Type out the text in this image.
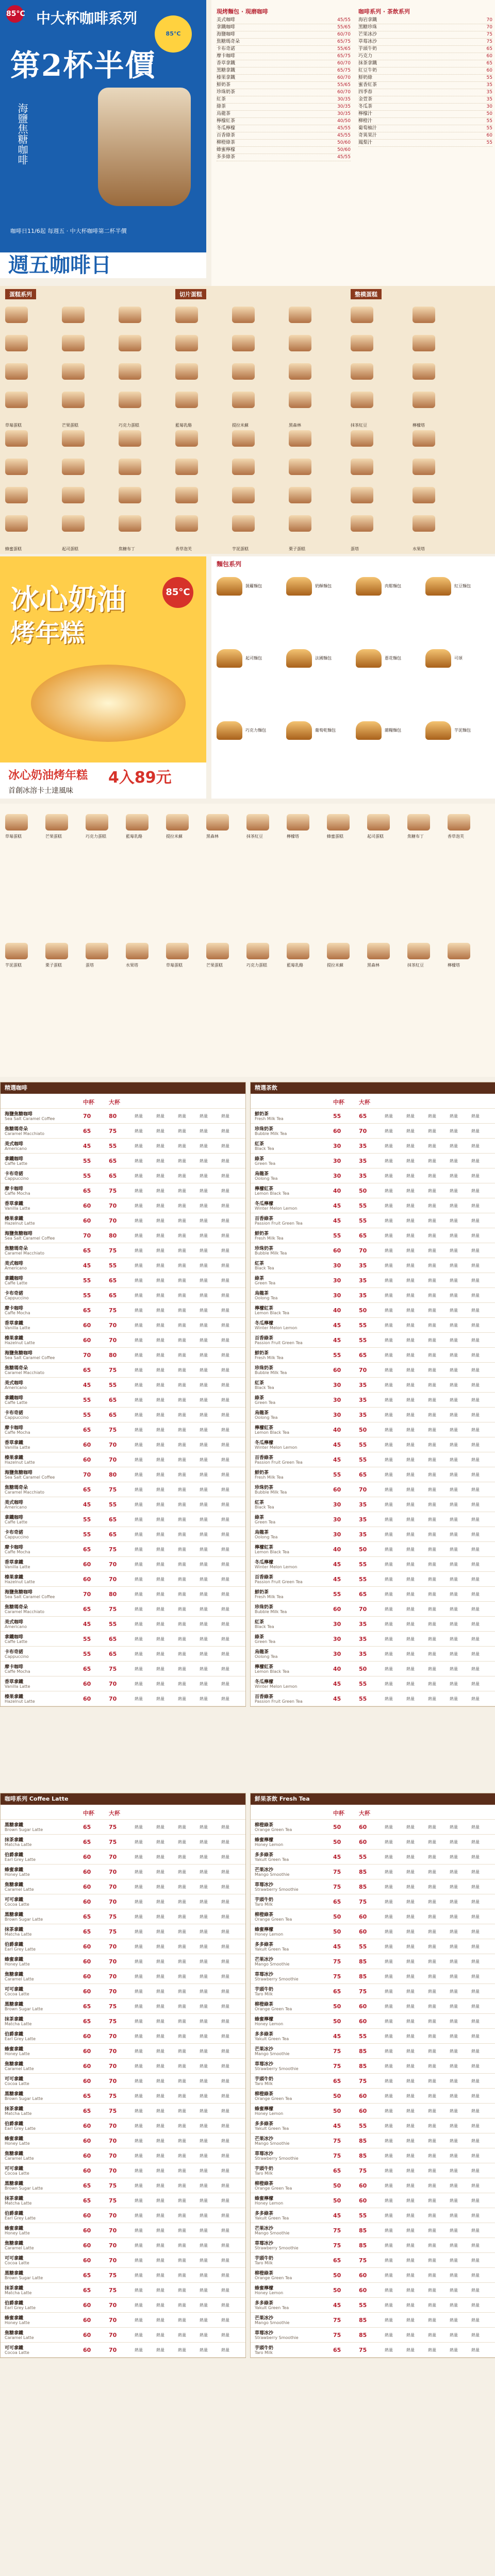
85°C 中大杯咖啡系列
第2杯半價
85°C
海鹽焦糖咖啡
咖啡日11/6起 每週五 · 中大杯咖啡第二杯半價
週五咖啡日
現烤麵包 · 現磨咖啡
美式咖啡	45/55
拿鐵咖啡	55/65
海鹽咖啡	60/70
焦糖瑪奇朵	65/75
卡布奇諾	55/65
摩卡咖啡	65/75
香草拿鐵	60/70
黑糖拿鐵	65/75
榛果拿鐵	60/70
鮮奶茶	55/65
珍珠奶茶	60/70
紅茶	30/35
綠茶	30/35
烏龍茶	30/35
檸檬紅茶	40/50
冬瓜檸檬	45/55
百香綠茶	45/55
柳橙綠茶	50/60
蜂蜜檸檬	50/60
多多綠茶	45/55
咖啡系列 · 茶飲系列
海岩拿鐵	70
黑糖珍珠	70
芒果冰沙	75
草莓冰沙	75
芋頭牛奶	65
巧克力	60
抹茶拿鐵	65
紅豆牛奶	60
鮮奶綠	55
蜜香紅茶	35
四季春	35
金萱茶	35
冬瓜茶	30
檸檬汁	50
柳橙汁	55
葡萄柚汁	55
奇異果汁	60
鳳梨汁	55
蛋糕系列	切片蛋糕	整模蛋糕
草莓蛋糕	芒果蛋糕	巧克力蛋糕	藍莓乳酪	提拉米蘇	黑森林	抹茶紅豆	檸檬塔
蜂蜜蛋糕	起司蛋糕	焦糖布丁	香草泡芙	芋泥蛋糕	栗子蛋糕	蛋塔	水果塔
冰心奶油
烤年糕
85°C
冰心奶油烤年糕 4入89元
首創冰溶卡士達風味
麵包系列
菠蘿麵包	奶酥麵包	肉鬆麵包	紅豆麵包
起司麵包	法國麵包	蔥花麵包	可頌
巧克力麵包	葡萄乾麵包	雜糧麵包	芋泥麵包
草莓蛋糕	芒果蛋糕	巧克力蛋糕	藍莓乳酪	提拉米蘇	黑森林	抹茶紅豆	檸檬塔	蜂蜜蛋糕	起司蛋糕	焦糖布丁	香草泡芙
芋泥蛋糕	栗子蛋糕	蛋塔	水果塔	草莓蛋糕	芒果蛋糕	巧克力蛋糕	藍莓乳酪	提拉米蘇	黑森林	抹茶紅豆	檸檬塔
精選咖啡
中杯	大杯
海鹽焦糖咖啡
Sea Salt Caramel Coffee	70	80	熱量	熱量	熱量	熱量	熱量
焦糖瑪奇朵
Caramel Macchiato	65	75	熱量	熱量	熱量	熱量	熱量
美式咖啡
Americano	45	55	熱量	熱量	熱量	熱量	熱量
拿鐵咖啡
Caffe Latte	55	65	熱量	熱量	熱量	熱量	熱量
卡布奇諾
Cappuccino	55	65	熱量	熱量	熱量	熱量	熱量
摩卡咖啡
Caffe Mocha	65	75	熱量	熱量	熱量	熱量	熱量
香草拿鐵
Vanilla Latte	60	70	熱量	熱量	熱量	熱量	熱量
榛果拿鐵
Hazelnut Latte	60	70	熱量	熱量	熱量	熱量	熱量
海鹽焦糖咖啡
Sea Salt Caramel Coffee	70	80	熱量	熱量	熱量	熱量	熱量
焦糖瑪奇朵
Caramel Macchiato	65	75	熱量	熱量	熱量	熱量	熱量
美式咖啡
Americano	45	55	熱量	熱量	熱量	熱量	熱量
拿鐵咖啡
Caffe Latte	55	65	熱量	熱量	熱量	熱量	熱量
卡布奇諾
Cappuccino	55	65	熱量	熱量	熱量	熱量	熱量
摩卡咖啡
Caffe Mocha	65	75	熱量	熱量	熱量	熱量	熱量
香草拿鐵
Vanilla Latte	60	70	熱量	熱量	熱量	熱量	熱量
榛果拿鐵
Hazelnut Latte	60	70	熱量	熱量	熱量	熱量	熱量
海鹽焦糖咖啡
Sea Salt Caramel Coffee	70	80	熱量	熱量	熱量	熱量	熱量
焦糖瑪奇朵
Caramel Macchiato	65	75	熱量	熱量	熱量	熱量	熱量
美式咖啡
Americano	45	55	熱量	熱量	熱量	熱量	熱量
拿鐵咖啡
Caffe Latte	55	65	熱量	熱量	熱量	熱量	熱量
卡布奇諾
Cappuccino	55	65	熱量	熱量	熱量	熱量	熱量
摩卡咖啡
Caffe Mocha	65	75	熱量	熱量	熱量	熱量	熱量
香草拿鐵
Vanilla Latte	60	70	熱量	熱量	熱量	熱量	熱量
榛果拿鐵
Hazelnut Latte	60	70	熱量	熱量	熱量	熱量	熱量
海鹽焦糖咖啡
Sea Salt Caramel Coffee	70	80	熱量	熱量	熱量	熱量	熱量
焦糖瑪奇朵
Caramel Macchiato	65	75	熱量	熱量	熱量	熱量	熱量
美式咖啡
Americano	45	55	熱量	熱量	熱量	熱量	熱量
拿鐵咖啡
Caffe Latte	55	65	熱量	熱量	熱量	熱量	熱量
卡布奇諾
Cappuccino	55	65	熱量	熱量	熱量	熱量	熱量
摩卡咖啡
Caffe Mocha	65	75	熱量	熱量	熱量	熱量	熱量
香草拿鐵
Vanilla Latte	60	70	熱量	熱量	熱量	熱量	熱量
榛果拿鐵
Hazelnut Latte	60	70	熱量	熱量	熱量	熱量	熱量
海鹽焦糖咖啡
Sea Salt Caramel Coffee	70	80	熱量	熱量	熱量	熱量	熱量
焦糖瑪奇朵
Caramel Macchiato	65	75	熱量	熱量	熱量	熱量	熱量
美式咖啡
Americano	45	55	熱量	熱量	熱量	熱量	熱量
拿鐵咖啡
Caffe Latte	55	65	熱量	熱量	熱量	熱量	熱量
卡布奇諾
Cappuccino	55	65	熱量	熱量	熱量	熱量	熱量
摩卡咖啡
Caffe Mocha	65	75	熱量	熱量	熱量	熱量	熱量
香草拿鐵
Vanilla Latte	60	70	熱量	熱量	熱量	熱量	熱量
榛果拿鐵
Hazelnut Latte	60	70	熱量	熱量	熱量	熱量	熱量
精選茶飲
中杯	大杯
鮮奶茶
Fresh Milk Tea	55	65	熱量	熱量	熱量	熱量	熱量
珍珠奶茶
Bubble Milk Tea	60	70	熱量	熱量	熱量	熱量	熱量
紅茶
Black Tea	30	35	熱量	熱量	熱量	熱量	熱量
綠茶
Green Tea	30	35	熱量	熱量	熱量	熱量	熱量
烏龍茶
Oolong Tea	30	35	熱量	熱量	熱量	熱量	熱量
檸檬紅茶
Lemon Black Tea	40	50	熱量	熱量	熱量	熱量	熱量
冬瓜檸檬
Winter Melon Lemon	45	55	熱量	熱量	熱量	熱量	熱量
百香綠茶
Passion Fruit Green Tea	45	55	熱量	熱量	熱量	熱量	熱量
鮮奶茶
Fresh Milk Tea	55	65	熱量	熱量	熱量	熱量	熱量
珍珠奶茶
Bubble Milk Tea	60	70	熱量	熱量	熱量	熱量	熱量
紅茶
Black Tea	30	35	熱量	熱量	熱量	熱量	熱量
綠茶
Green Tea	30	35	熱量	熱量	熱量	熱量	熱量
烏龍茶
Oolong Tea	30	35	熱量	熱量	熱量	熱量	熱量
檸檬紅茶
Lemon Black Tea	40	50	熱量	熱量	熱量	熱量	熱量
冬瓜檸檬
Winter Melon Lemon	45	55	熱量	熱量	熱量	熱量	熱量
百香綠茶
Passion Fruit Green Tea	45	55	熱量	熱量	熱量	熱量	熱量
鮮奶茶
Fresh Milk Tea	55	65	熱量	熱量	熱量	熱量	熱量
珍珠奶茶
Bubble Milk Tea	60	70	熱量	熱量	熱量	熱量	熱量
紅茶
Black Tea	30	35	熱量	熱量	熱量	熱量	熱量
綠茶
Green Tea	30	35	熱量	熱量	熱量	熱量	熱量
烏龍茶
Oolong Tea	30	35	熱量	熱量	熱量	熱量	熱量
檸檬紅茶
Lemon Black Tea	40	50	熱量	熱量	熱量	熱量	熱量
冬瓜檸檬
Winter Melon Lemon	45	55	熱量	熱量	熱量	熱量	熱量
百香綠茶
Passion Fruit Green Tea	45	55	熱量	熱量	熱量	熱量	熱量
鮮奶茶
Fresh Milk Tea	55	65	熱量	熱量	熱量	熱量	熱量
珍珠奶茶
Bubble Milk Tea	60	70	熱量	熱量	熱量	熱量	熱量
紅茶
Black Tea	30	35	熱量	熱量	熱量	熱量	熱量
綠茶
Green Tea	30	35	熱量	熱量	熱量	熱量	熱量
烏龍茶
Oolong Tea	30	35	熱量	熱量	熱量	熱量	熱量
檸檬紅茶
Lemon Black Tea	40	50	熱量	熱量	熱量	熱量	熱量
冬瓜檸檬
Winter Melon Lemon	45	55	熱量	熱量	熱量	熱量	熱量
百香綠茶
Passion Fruit Green Tea	45	55	熱量	熱量	熱量	熱量	熱量
鮮奶茶
Fresh Milk Tea	55	65	熱量	熱量	熱量	熱量	熱量
珍珠奶茶
Bubble Milk Tea	60	70	熱量	熱量	熱量	熱量	熱量
紅茶
Black Tea	30	35	熱量	熱量	熱量	熱量	熱量
綠茶
Green Tea	30	35	熱量	熱量	熱量	熱量	熱量
烏龍茶
Oolong Tea	30	35	熱量	熱量	熱量	熱量	熱量
檸檬紅茶
Lemon Black Tea	40	50	熱量	熱量	熱量	熱量	熱量
冬瓜檸檬
Winter Melon Lemon	45	55	熱量	熱量	熱量	熱量	熱量
百香綠茶
Passion Fruit Green Tea	45	55	熱量	熱量	熱量	熱量	熱量
咖啡系列 Coffee Latte
中杯	大杯
黑糖拿鐵
Brown Sugar Latte	65	75	熱量	熱量	熱量	熱量	熱量
抹茶拿鐵
Matcha Latte	65	75	熱量	熱量	熱量	熱量	熱量
伯爵拿鐵
Earl Grey Latte	60	70	熱量	熱量	熱量	熱量	熱量
蜂蜜拿鐵
Honey Latte	60	70	熱量	熱量	熱量	熱量	熱量
焦糖拿鐵
Caramel Latte	60	70	熱量	熱量	熱量	熱量	熱量
可可拿鐵
Cocoa Latte	60	70	熱量	熱量	熱量	熱量	熱量
黑糖拿鐵
Brown Sugar Latte	65	75	熱量	熱量	熱量	熱量	熱量
抹茶拿鐵
Matcha Latte	65	75	熱量	熱量	熱量	熱量	熱量
伯爵拿鐵
Earl Grey Latte	60	70	熱量	熱量	熱量	熱量	熱量
蜂蜜拿鐵
Honey Latte	60	70	熱量	熱量	熱量	熱量	熱量
焦糖拿鐵
Caramel Latte	60	70	熱量	熱量	熱量	熱量	熱量
可可拿鐵
Cocoa Latte	60	70	熱量	熱量	熱量	熱量	熱量
黑糖拿鐵
Brown Sugar Latte	65	75	熱量	熱量	熱量	熱量	熱量
抹茶拿鐵
Matcha Latte	65	75	熱量	熱量	熱量	熱量	熱量
伯爵拿鐵
Earl Grey Latte	60	70	熱量	熱量	熱量	熱量	熱量
蜂蜜拿鐵
Honey Latte	60	70	熱量	熱量	熱量	熱量	熱量
焦糖拿鐵
Caramel Latte	60	70	熱量	熱量	熱量	熱量	熱量
可可拿鐵
Cocoa Latte	60	70	熱量	熱量	熱量	熱量	熱量
黑糖拿鐵
Brown Sugar Latte	65	75	熱量	熱量	熱量	熱量	熱量
抹茶拿鐵
Matcha Latte	65	75	熱量	熱量	熱量	熱量	熱量
伯爵拿鐵
Earl Grey Latte	60	70	熱量	熱量	熱量	熱量	熱量
蜂蜜拿鐵
Honey Latte	60	70	熱量	熱量	熱量	熱量	熱量
焦糖拿鐵
Caramel Latte	60	70	熱量	熱量	熱量	熱量	熱量
可可拿鐵
Cocoa Latte	60	70	熱量	熱量	熱量	熱量	熱量
黑糖拿鐵
Brown Sugar Latte	65	75	熱量	熱量	熱量	熱量	熱量
抹茶拿鐵
Matcha Latte	65	75	熱量	熱量	熱量	熱量	熱量
伯爵拿鐵
Earl Grey Latte	60	70	熱量	熱量	熱量	熱量	熱量
蜂蜜拿鐵
Honey Latte	60	70	熱量	熱量	熱量	熱量	熱量
焦糖拿鐵
Caramel Latte	60	70	熱量	熱量	熱量	熱量	熱量
可可拿鐵
Cocoa Latte	60	70	熱量	熱量	熱量	熱量	熱量
黑糖拿鐵
Brown Sugar Latte	65	75	熱量	熱量	熱量	熱量	熱量
抹茶拿鐵
Matcha Latte	65	75	熱量	熱量	熱量	熱量	熱量
伯爵拿鐵
Earl Grey Latte	60	70	熱量	熱量	熱量	熱量	熱量
蜂蜜拿鐵
Honey Latte	60	70	熱量	熱量	熱量	熱量	熱量
焦糖拿鐵
Caramel Latte	60	70	熱量	熱量	熱量	熱量	熱量
可可拿鐵
Cocoa Latte	60	70	熱量	熱量	熱量	熱量	熱量
鮮果茶飲 Fresh Tea
中杯	大杯
柳橙綠茶
Orange Green Tea	50	60	熱量	熱量	熱量	熱量	熱量
蜂蜜檸檬
Honey Lemon	50	60	熱量	熱量	熱量	熱量	熱量
多多綠茶
Yakult Green Tea	45	55	熱量	熱量	熱量	熱量	熱量
芒果冰沙
Mango Smoothie	75	85	熱量	熱量	熱量	熱量	熱量
草莓冰沙
Strawberry Smoothie	75	85	熱量	熱量	熱量	熱量	熱量
芋頭牛奶
Taro Milk	65	75	熱量	熱量	熱量	熱量	熱量
柳橙綠茶
Orange Green Tea	50	60	熱量	熱量	熱量	熱量	熱量
蜂蜜檸檬
Honey Lemon	50	60	熱量	熱量	熱量	熱量	熱量
多多綠茶
Yakult Green Tea	45	55	熱量	熱量	熱量	熱量	熱量
芒果冰沙
Mango Smoothie	75	85	熱量	熱量	熱量	熱量	熱量
草莓冰沙
Strawberry Smoothie	75	85	熱量	熱量	熱量	熱量	熱量
芋頭牛奶
Taro Milk	65	75	熱量	熱量	熱量	熱量	熱量
柳橙綠茶
Orange Green Tea	50	60	熱量	熱量	熱量	熱量	熱量
蜂蜜檸檬
Honey Lemon	50	60	熱量	熱量	熱量	熱量	熱量
多多綠茶
Yakult Green Tea	45	55	熱量	熱量	熱量	熱量	熱量
芒果冰沙
Mango Smoothie	75	85	熱量	熱量	熱量	熱量	熱量
草莓冰沙
Strawberry Smoothie	75	85	熱量	熱量	熱量	熱量	熱量
芋頭牛奶
Taro Milk	65	75	熱量	熱量	熱量	熱量	熱量
柳橙綠茶
Orange Green Tea	50	60	熱量	熱量	熱量	熱量	熱量
蜂蜜檸檬
Honey Lemon	50	60	熱量	熱量	熱量	熱量	熱量
多多綠茶
Yakult Green Tea	45	55	熱量	熱量	熱量	熱量	熱量
芒果冰沙
Mango Smoothie	75	85	熱量	熱量	熱量	熱量	熱量
草莓冰沙
Strawberry Smoothie	75	85	熱量	熱量	熱量	熱量	熱量
芋頭牛奶
Taro Milk	65	75	熱量	熱量	熱量	熱量	熱量
柳橙綠茶
Orange Green Tea	50	60	熱量	熱量	熱量	熱量	熱量
蜂蜜檸檬
Honey Lemon	50	60	熱量	熱量	熱量	熱量	熱量
多多綠茶
Yakult Green Tea	45	55	熱量	熱量	熱量	熱量	熱量
芒果冰沙
Mango Smoothie	75	85	熱量	熱量	熱量	熱量	熱量
草莓冰沙
Strawberry Smoothie	75	85	熱量	熱量	熱量	熱量	熱量
芋頭牛奶
Taro Milk	65	75	熱量	熱量	熱量	熱量	熱量
柳橙綠茶
Orange Green Tea	50	60	熱量	熱量	熱量	熱量	熱量
蜂蜜檸檬
Honey Lemon	50	60	熱量	熱量	熱量	熱量	熱量
多多綠茶
Yakult Green Tea	45	55	熱量	熱量	熱量	熱量	熱量
芒果冰沙
Mango Smoothie	75	85	熱量	熱量	熱量	熱量	熱量
草莓冰沙
Strawberry Smoothie	75	85	熱量	熱量	熱量	熱量	熱量
芋頭牛奶
Taro Milk	65	75	熱量	熱量	熱量	熱量	熱量
